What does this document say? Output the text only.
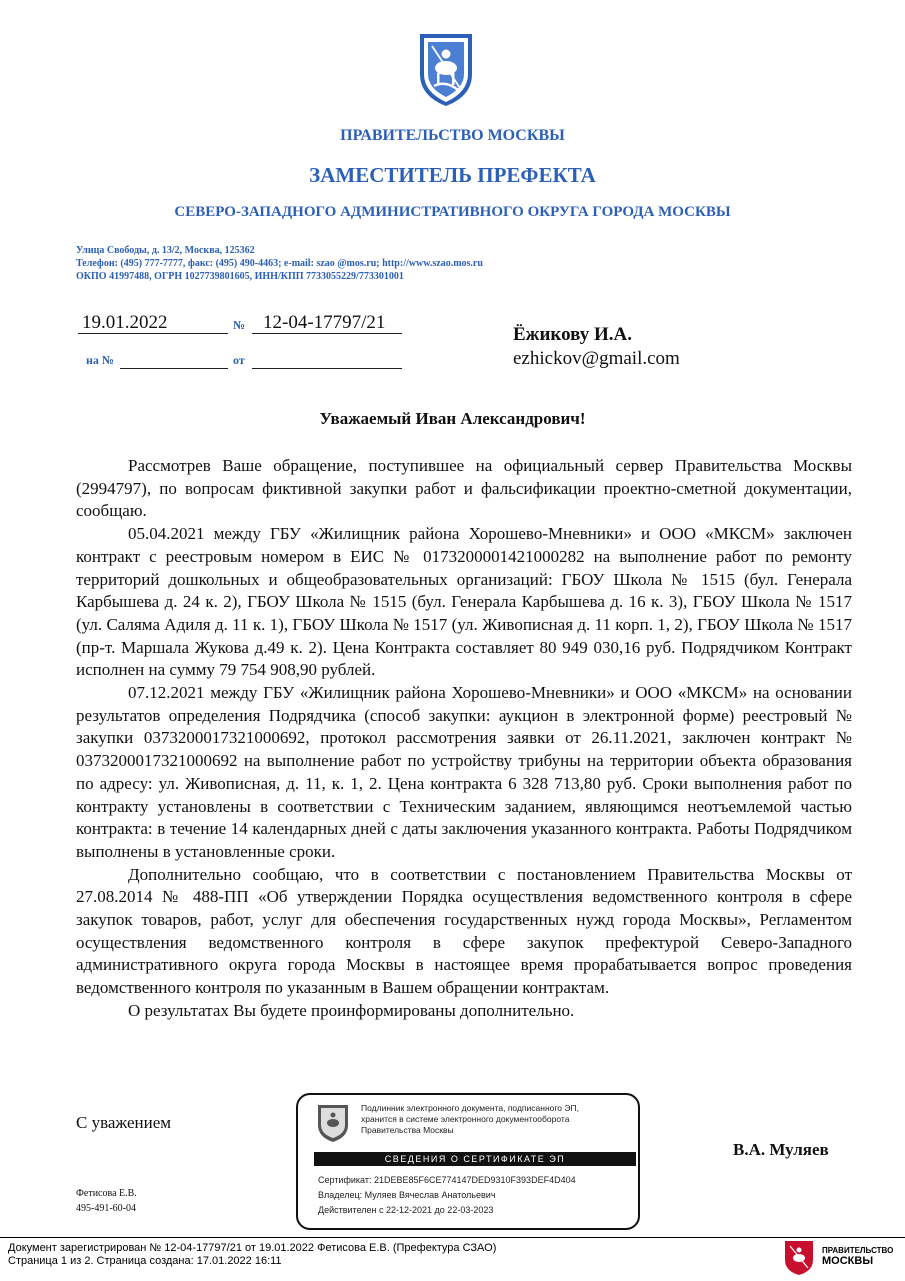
ПРАВИТЕЛЬСТВО МОСКВЫ
ЗАМЕСТИТЕЛЬ ПРЕФЕКТА
СЕВЕРО-ЗАПАДНОГО АДМИНИСТРАТИВНОГО ОКРУГА ГОРОДА МОСКВЫ
Улица Свободы, д. 13/2, Москва, 125362
Телефон: (495) 777-7777, факс: (495) 490-4463; e-mail: szao @mos.ru; http://www.szao.mos.ru
ОКПО 41997488, ОГРН 1027739801605, ИНН/КПП 7733055229/773301001
19.01.2022	№ 12-04-17797/21
на №	от
Ёжикову И.А.
ezhickov@gmail.com
Уважаемый Иван Александрович!

Рассмотрев Ваше обращение, поступившее на официальный сервер Правительства Москвы (2994797), по вопросам фиктивной закупки работ и фальсификации проектно-сметной документации, сообщаю.

05.04.2021 между ГБУ «Жилищник района Хорошево-Мневники» и ООО «МКСМ» заключен контракт с реестровым номером в ЕИС № 0173200001421000282 на выполнение работ по ремонту территорий дошкольных и общеобразовательных организаций: ГБОУ Школа № 1515 (бул. Генерала Карбышева д. 24 к. 2), ГБОУ Школа № 1515 (бул. Генерала Карбышева д. 16 к. 3), ГБОУ Школа № 1517 (ул. Саляма Адиля д. 11 к. 1), ГБОУ Школа № 1517 (ул. Живописная д. 11 корп. 1, 2), ГБОУ Школа № 1517 (пр-т. Маршала Жукова д.49 к. 2). Цена Контракта составляет 80 949 030,16 руб. Подрядчиком Контракт исполнен на сумму 79 754 908,90 рублей.

07.12.2021 между ГБУ «Жилищник района Хорошево-Мневники» и ООО «МКСМ» на основании результатов определения Подрядчика (способ закупки: аукцион в электронной форме) реестровый № закупки 0373200017321000692, протокол рассмотрения заявки от 26.11.2021, заключен контракт № 0373200017321000692 на выполнение работ по устройству трибуны на территории объекта образования по адресу: ул. Живописная, д. 11, к. 1, 2. Цена контракта 6 328 713,80 руб. Сроки выполнения работ по контракту установлены в соответствии с Техническим заданием, являющимся неотъемлемой частью контракта: в течение 14 календарных дней с даты заключения указанного контракта. Работы Подрядчиком выполнены в установленные сроки.

Дополнительно сообщаю, что в соответствии с постановлением Правительства Москвы от 27.08.2014 № 488-ПП «Об утверждении Порядка осуществления ведомственного контроля в сфере закупок товаров, работ, услуг для обеспечения государственных нужд города Москвы», Регламентом осуществления ведомственного контроля в сфере закупок префектурой Северо-Западного административного округа города Москвы в настоящее время прорабатывается вопрос проведения ведомственного контроля по указанным в Вашем обращении контрактам.

О результатах Вы будете проинформированы дополнительно.

С уважением
В.А. Муляев
Фетисова Е.В.
495-491-60-04
Подлинник электронного документа, подписанного ЭП,
хранится в системе электронного документооборота
Правительства Москвы
СВЕДЕНИЯ О СЕРТИФИКАТЕ ЭП
Сертификат: 21DEBE85F6CE774147DED9310F393DEF4D404
Владелец: Муляев Вячеслав Анатольевич
Действителен с 22-12-2021 до 22-03-2023
Документ зарегистрирован № 12-04-17797/21 от 19.01.2022 Фетисова Е.В. (Префектура СЗАО)
Страница 1 из 2. Страница создана: 17.01.2022 16:11
ПРАВИТЕЛЬСТВО
МОСКВЫ
